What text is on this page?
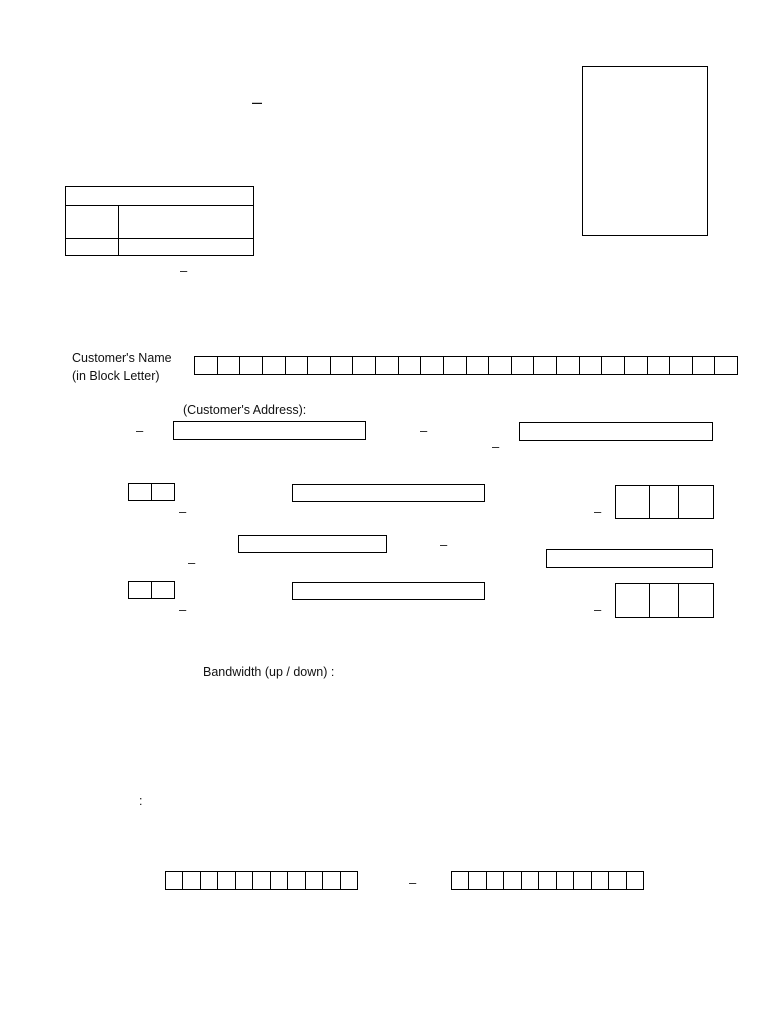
–
–
Customer's Name
(in Block Letter)
(Customer's Address):
–	–
–
–	–
–
–
–	–
Bandwidth (up / down) :
:
–
